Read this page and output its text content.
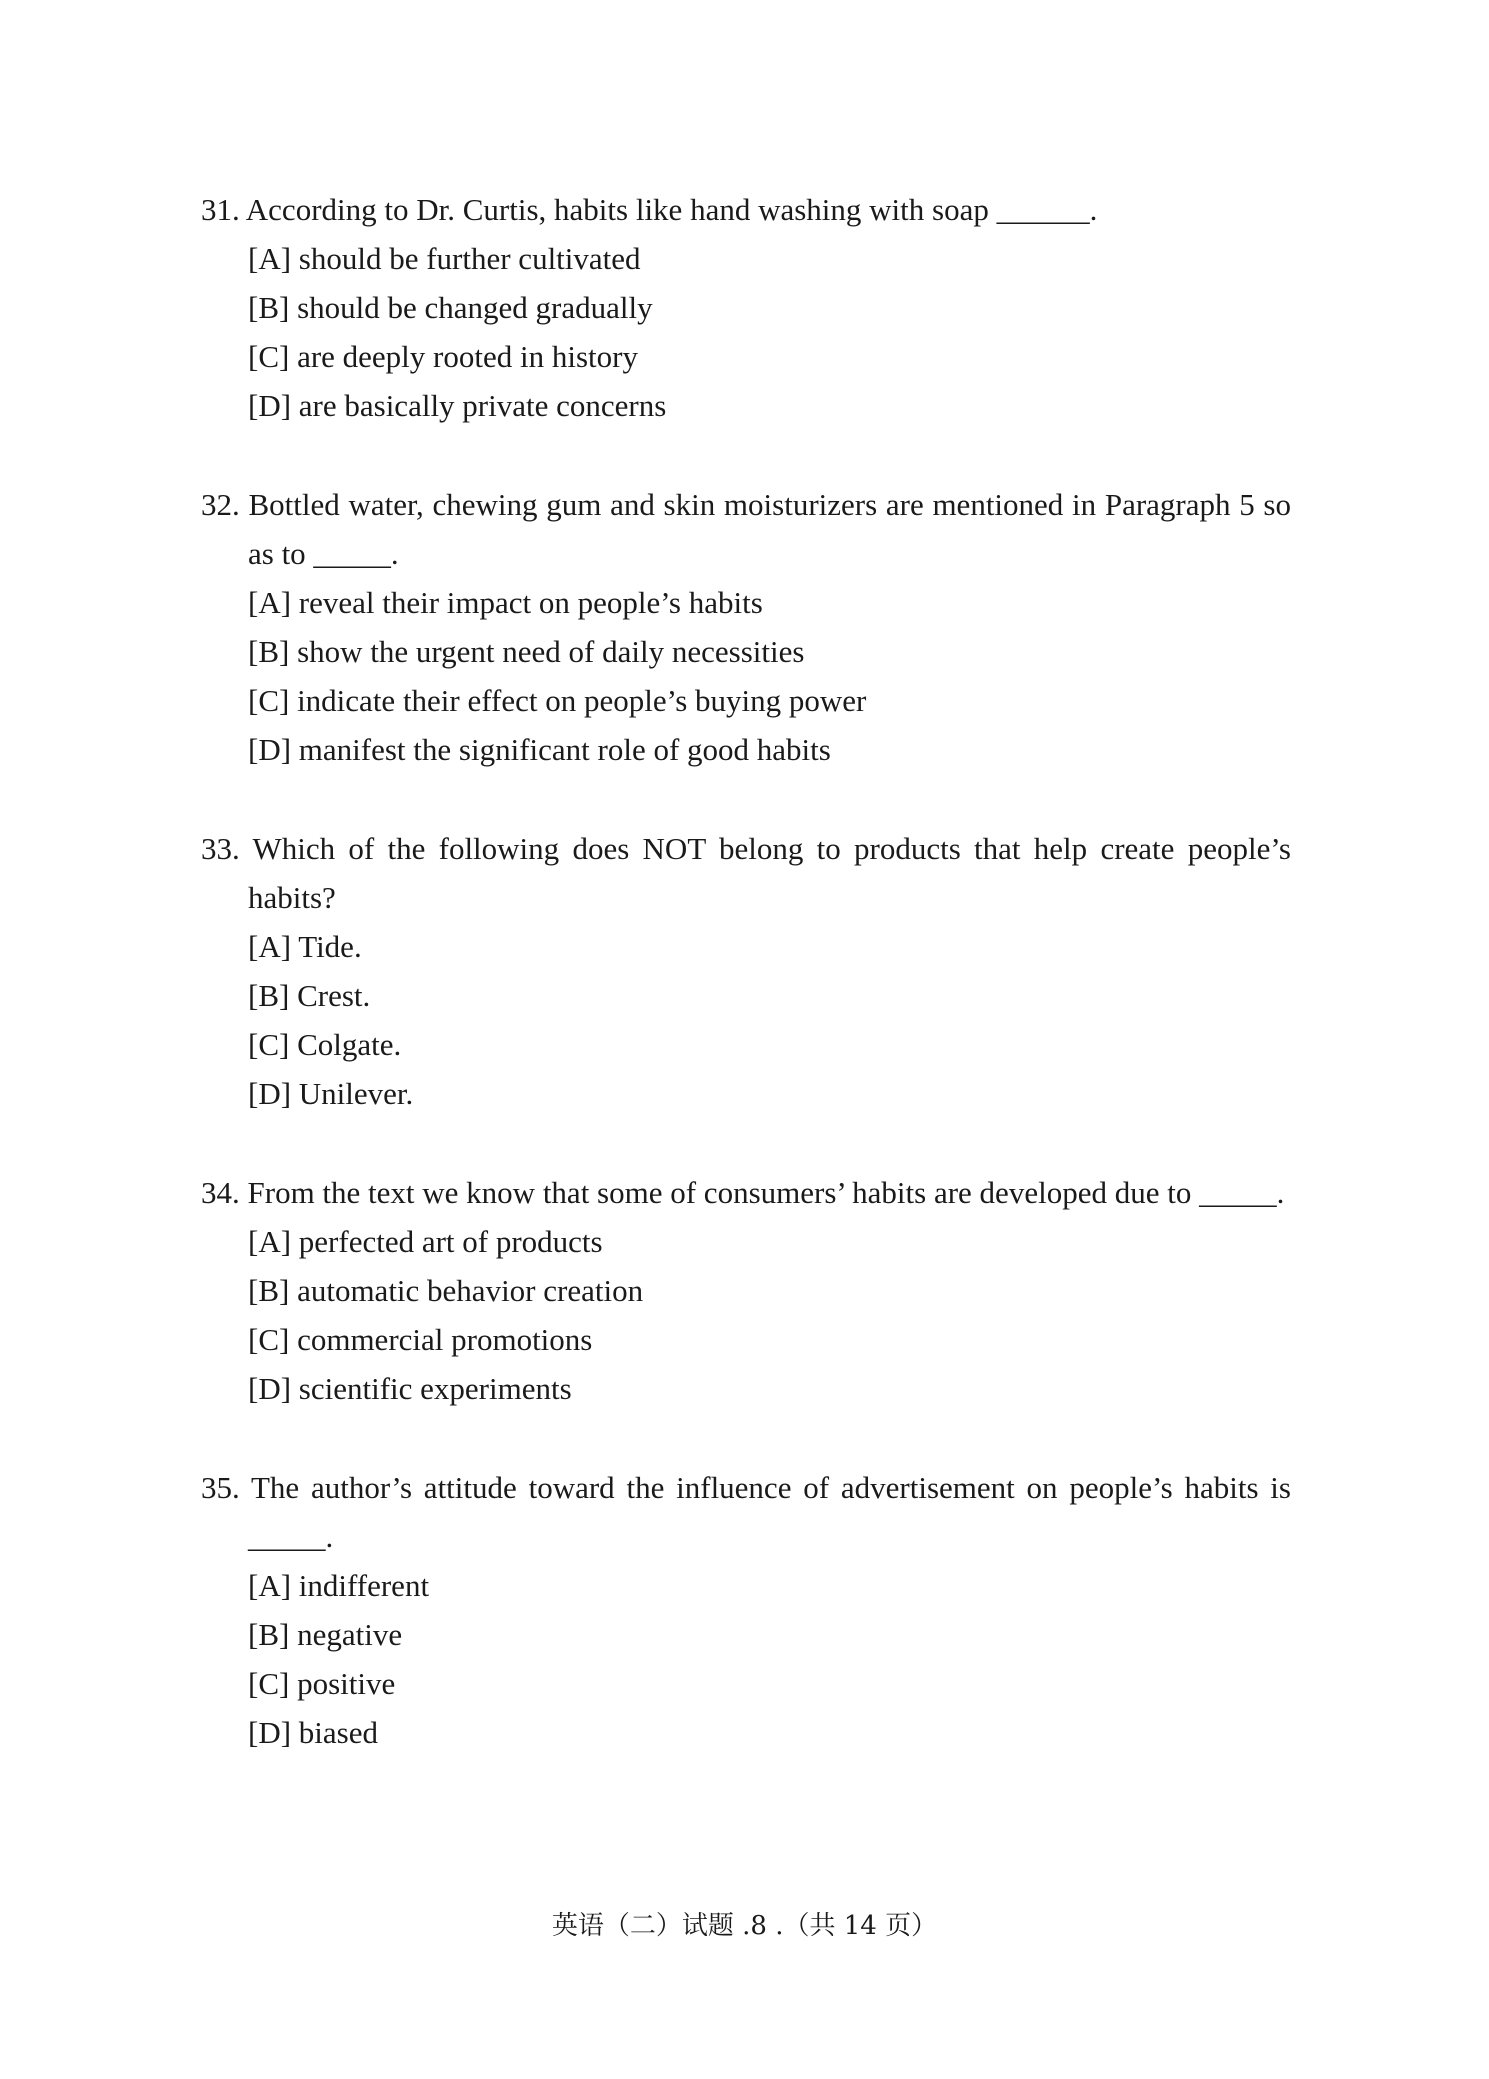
31. According to Dr. Curtis, habits like hand washing with soap ______.
[A] should be further cultivated
[B] should be changed gradually
[C] are deeply rooted in history
[D] are basically private concerns
32. Bottled water, chewing gum and skin moisturizers are mentioned in Paragraph 5 so as to _____.
[A] reveal their impact on people’s habits
[B] show the urgent need of daily necessities
[C] indicate their effect on people’s buying power
[D] manifest the significant role of good habits
33. Which of the following does NOT belong to products that help create people’s habits?
[A] Tide.
[B] Crest.
[C] Colgate.
[D] Unilever.
34. From the text we know that some of consumers’ habits are developed due to _____.
[A] perfected art of products
[B] automatic behavior creation
[C] commercial promotions
[D] scientific experiments
35. The author’s attitude toward the influence of advertisement on people’s habits is _____.
[A] indifferent
[B] negative
[C] positive
[D] biased
英语（二）试题 .8 .（共 14 页）
